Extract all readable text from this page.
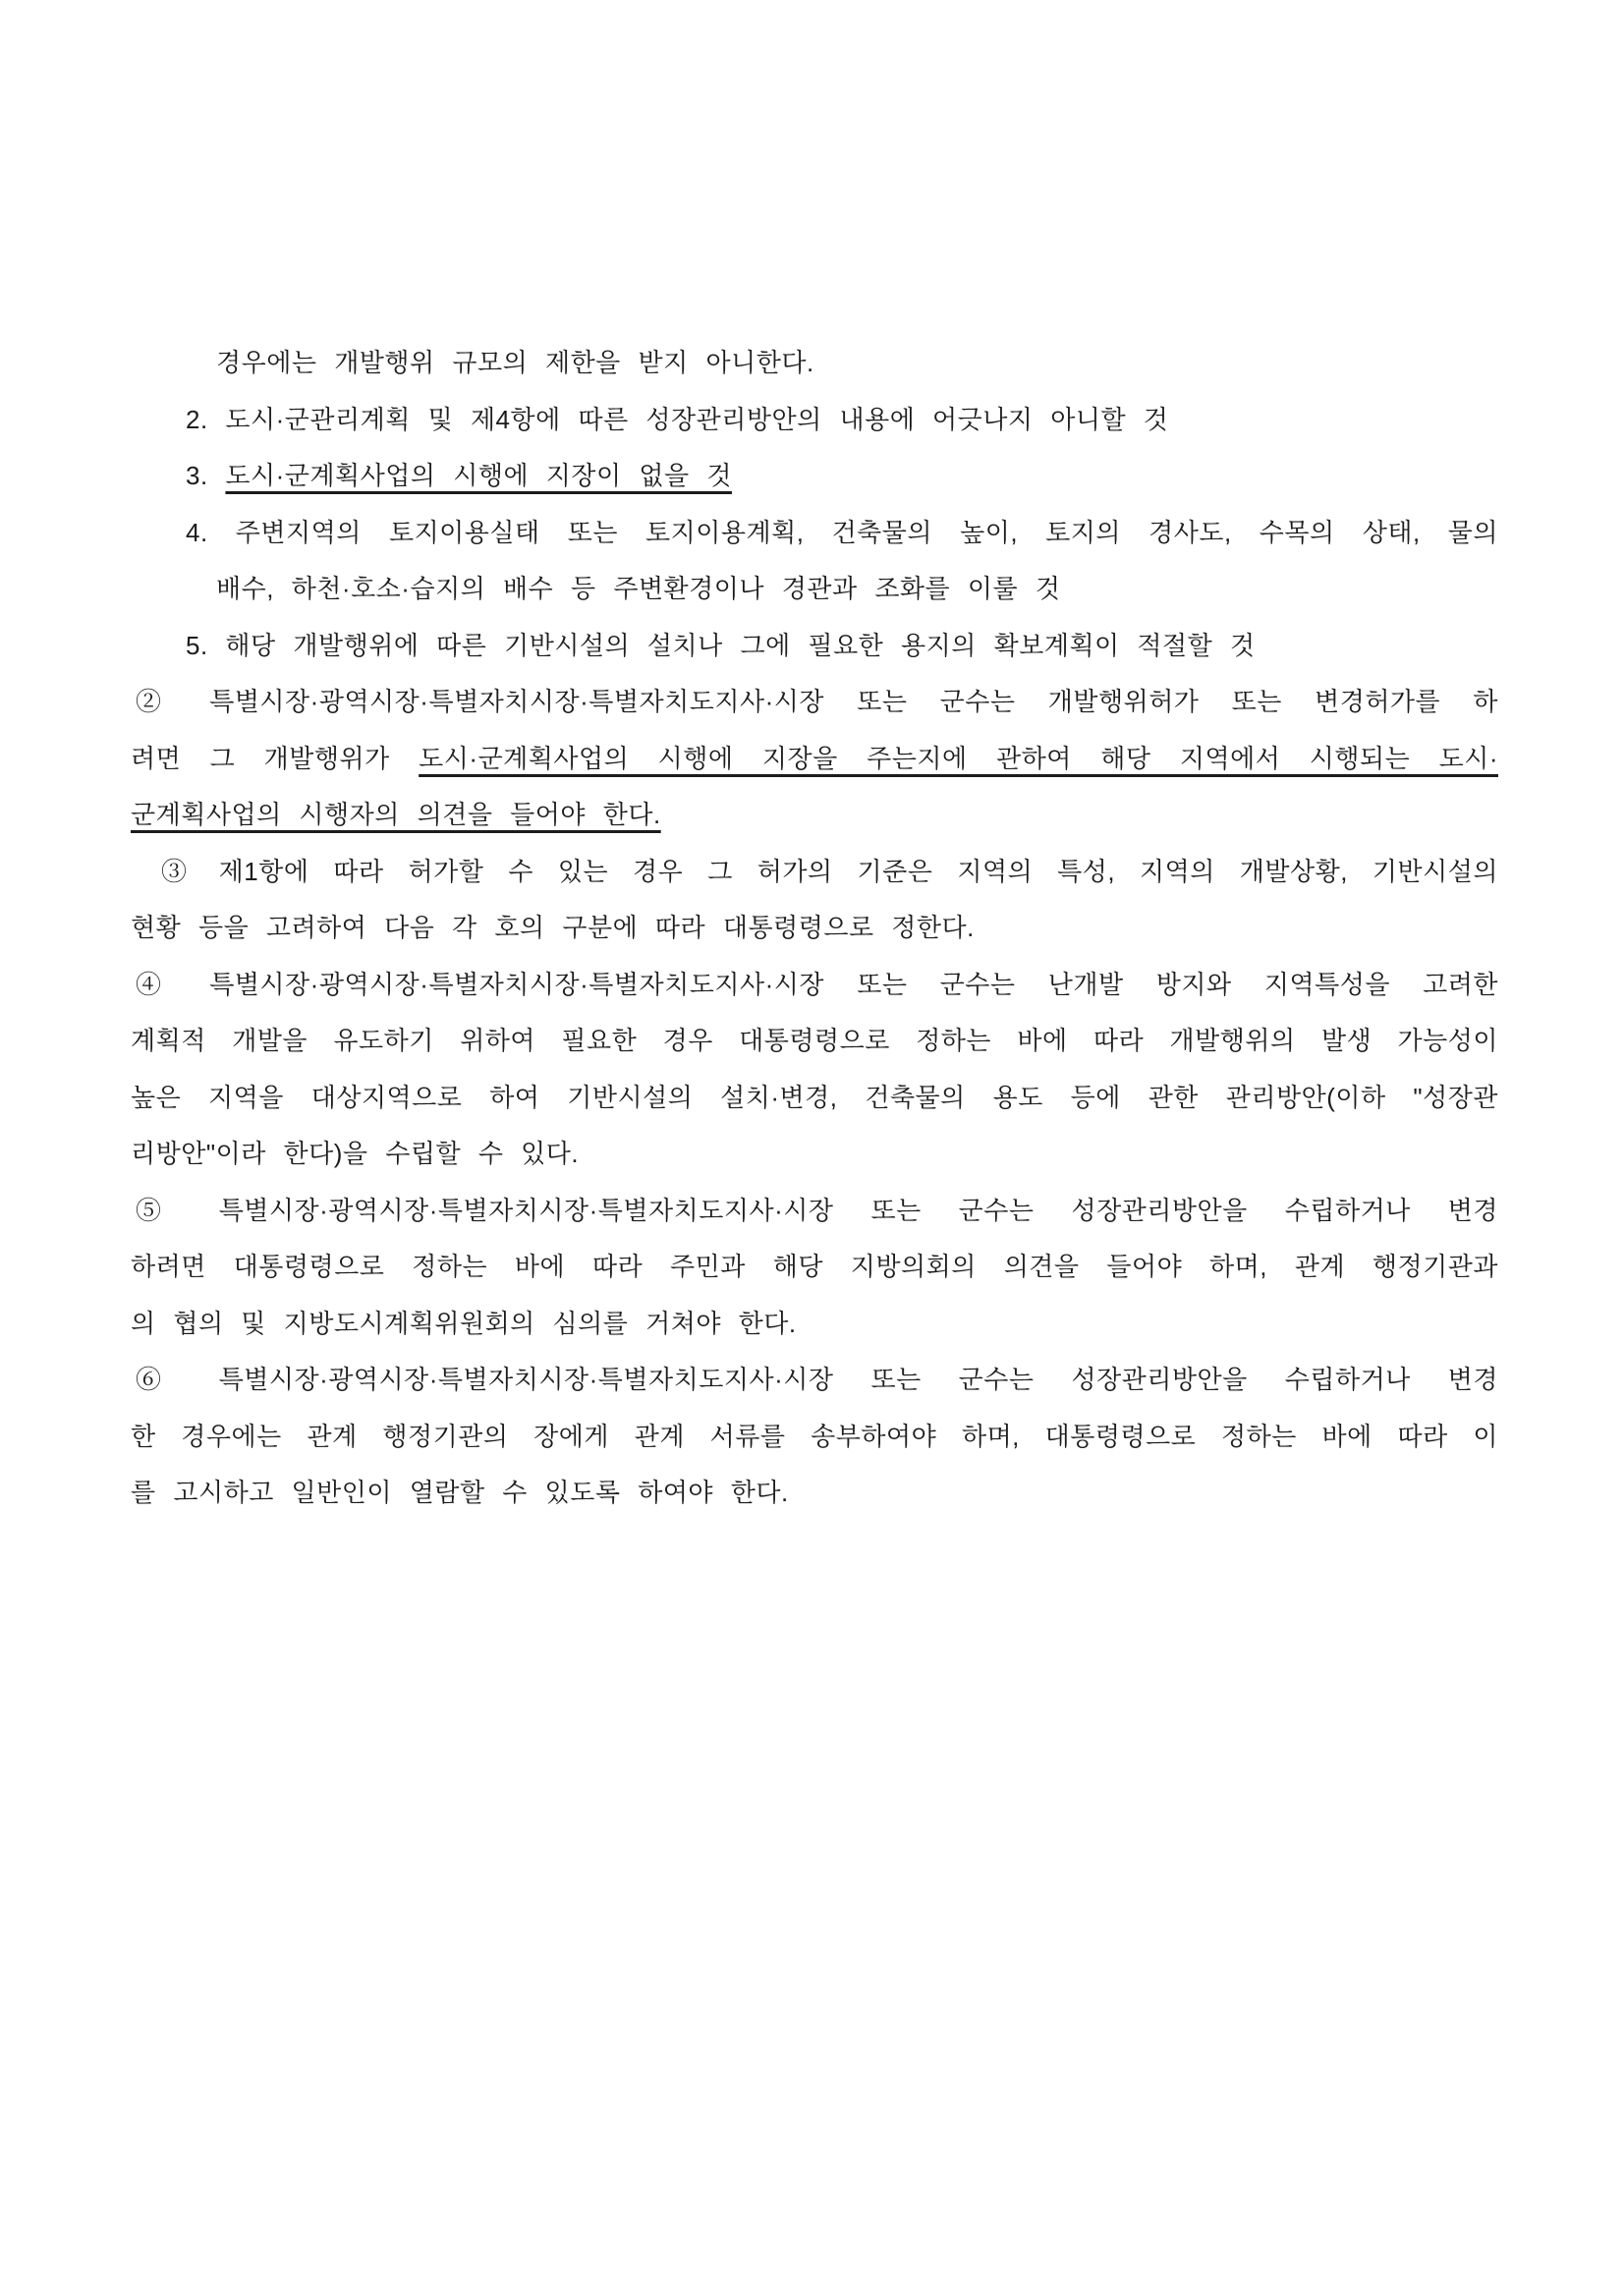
경우에는 개발행위 규모의 제한을 받지 아니한다.
2. 도시·군관리계획 및 제4항에 따른 성장관리방안의 내용에 어긋나지 아니할 것
3. 도시·군계획사업의 시행에 지장이 없을 것
4. 주변지역의 토지이용실태 또는 토지이용계획, 건축물의 높이, 토지의 경사도, 수목의 상태, 물의
배수, 하천·호소·습지의 배수 등 주변환경이나 경관과 조화를 이룰 것
5. 해당 개발행위에 따른 기반시설의 설치나 그에 필요한 용지의 확보계획이 적절할 것
② 특별시장·광역시장·특별자치시장·특별자치도지사·시장 또는 군수는 개발행위허가 또는 변경허가를 하
려면 그 개발행위가 도시·군계획사업의 시행에 지장을 주는지에 관하여 해당 지역에서 시행되는 도시·
군계획사업의 시행자의 의견을 들어야 한다.
③ 제1항에 따라 허가할 수 있는 경우 그 허가의 기준은 지역의 특성, 지역의 개발상황, 기반시설의
현황 등을 고려하여 다음 각 호의 구분에 따라 대통령령으로 정한다.
④ 특별시장·광역시장·특별자치시장·특별자치도지사·시장 또는 군수는 난개발 방지와 지역특성을 고려한
계획적 개발을 유도하기 위하여 필요한 경우 대통령령으로 정하는 바에 따라 개발행위의 발생 가능성이
높은 지역을 대상지역으로 하여 기반시설의 설치·변경, 건축물의 용도 등에 관한 관리방안(이하 "성장관
리방안"이라 한다)을 수립할 수 있다.
⑤ 특별시장·광역시장·특별자치시장·특별자치도지사·시장 또는 군수는 성장관리방안을 수립하거나 변경
하려면 대통령령으로 정하는 바에 따라 주민과 해당 지방의회의 의견을 들어야 하며, 관계 행정기관과
의 협의 및 지방도시계획위원회의 심의를 거쳐야 한다.
⑥ 특별시장·광역시장·특별자치시장·특별자치도지사·시장 또는 군수는 성장관리방안을 수립하거나 변경
한 경우에는 관계 행정기관의 장에게 관계 서류를 송부하여야 하며, 대통령령으로 정하는 바에 따라 이
를 고시하고 일반인이 열람할 수 있도록 하여야 한다.
